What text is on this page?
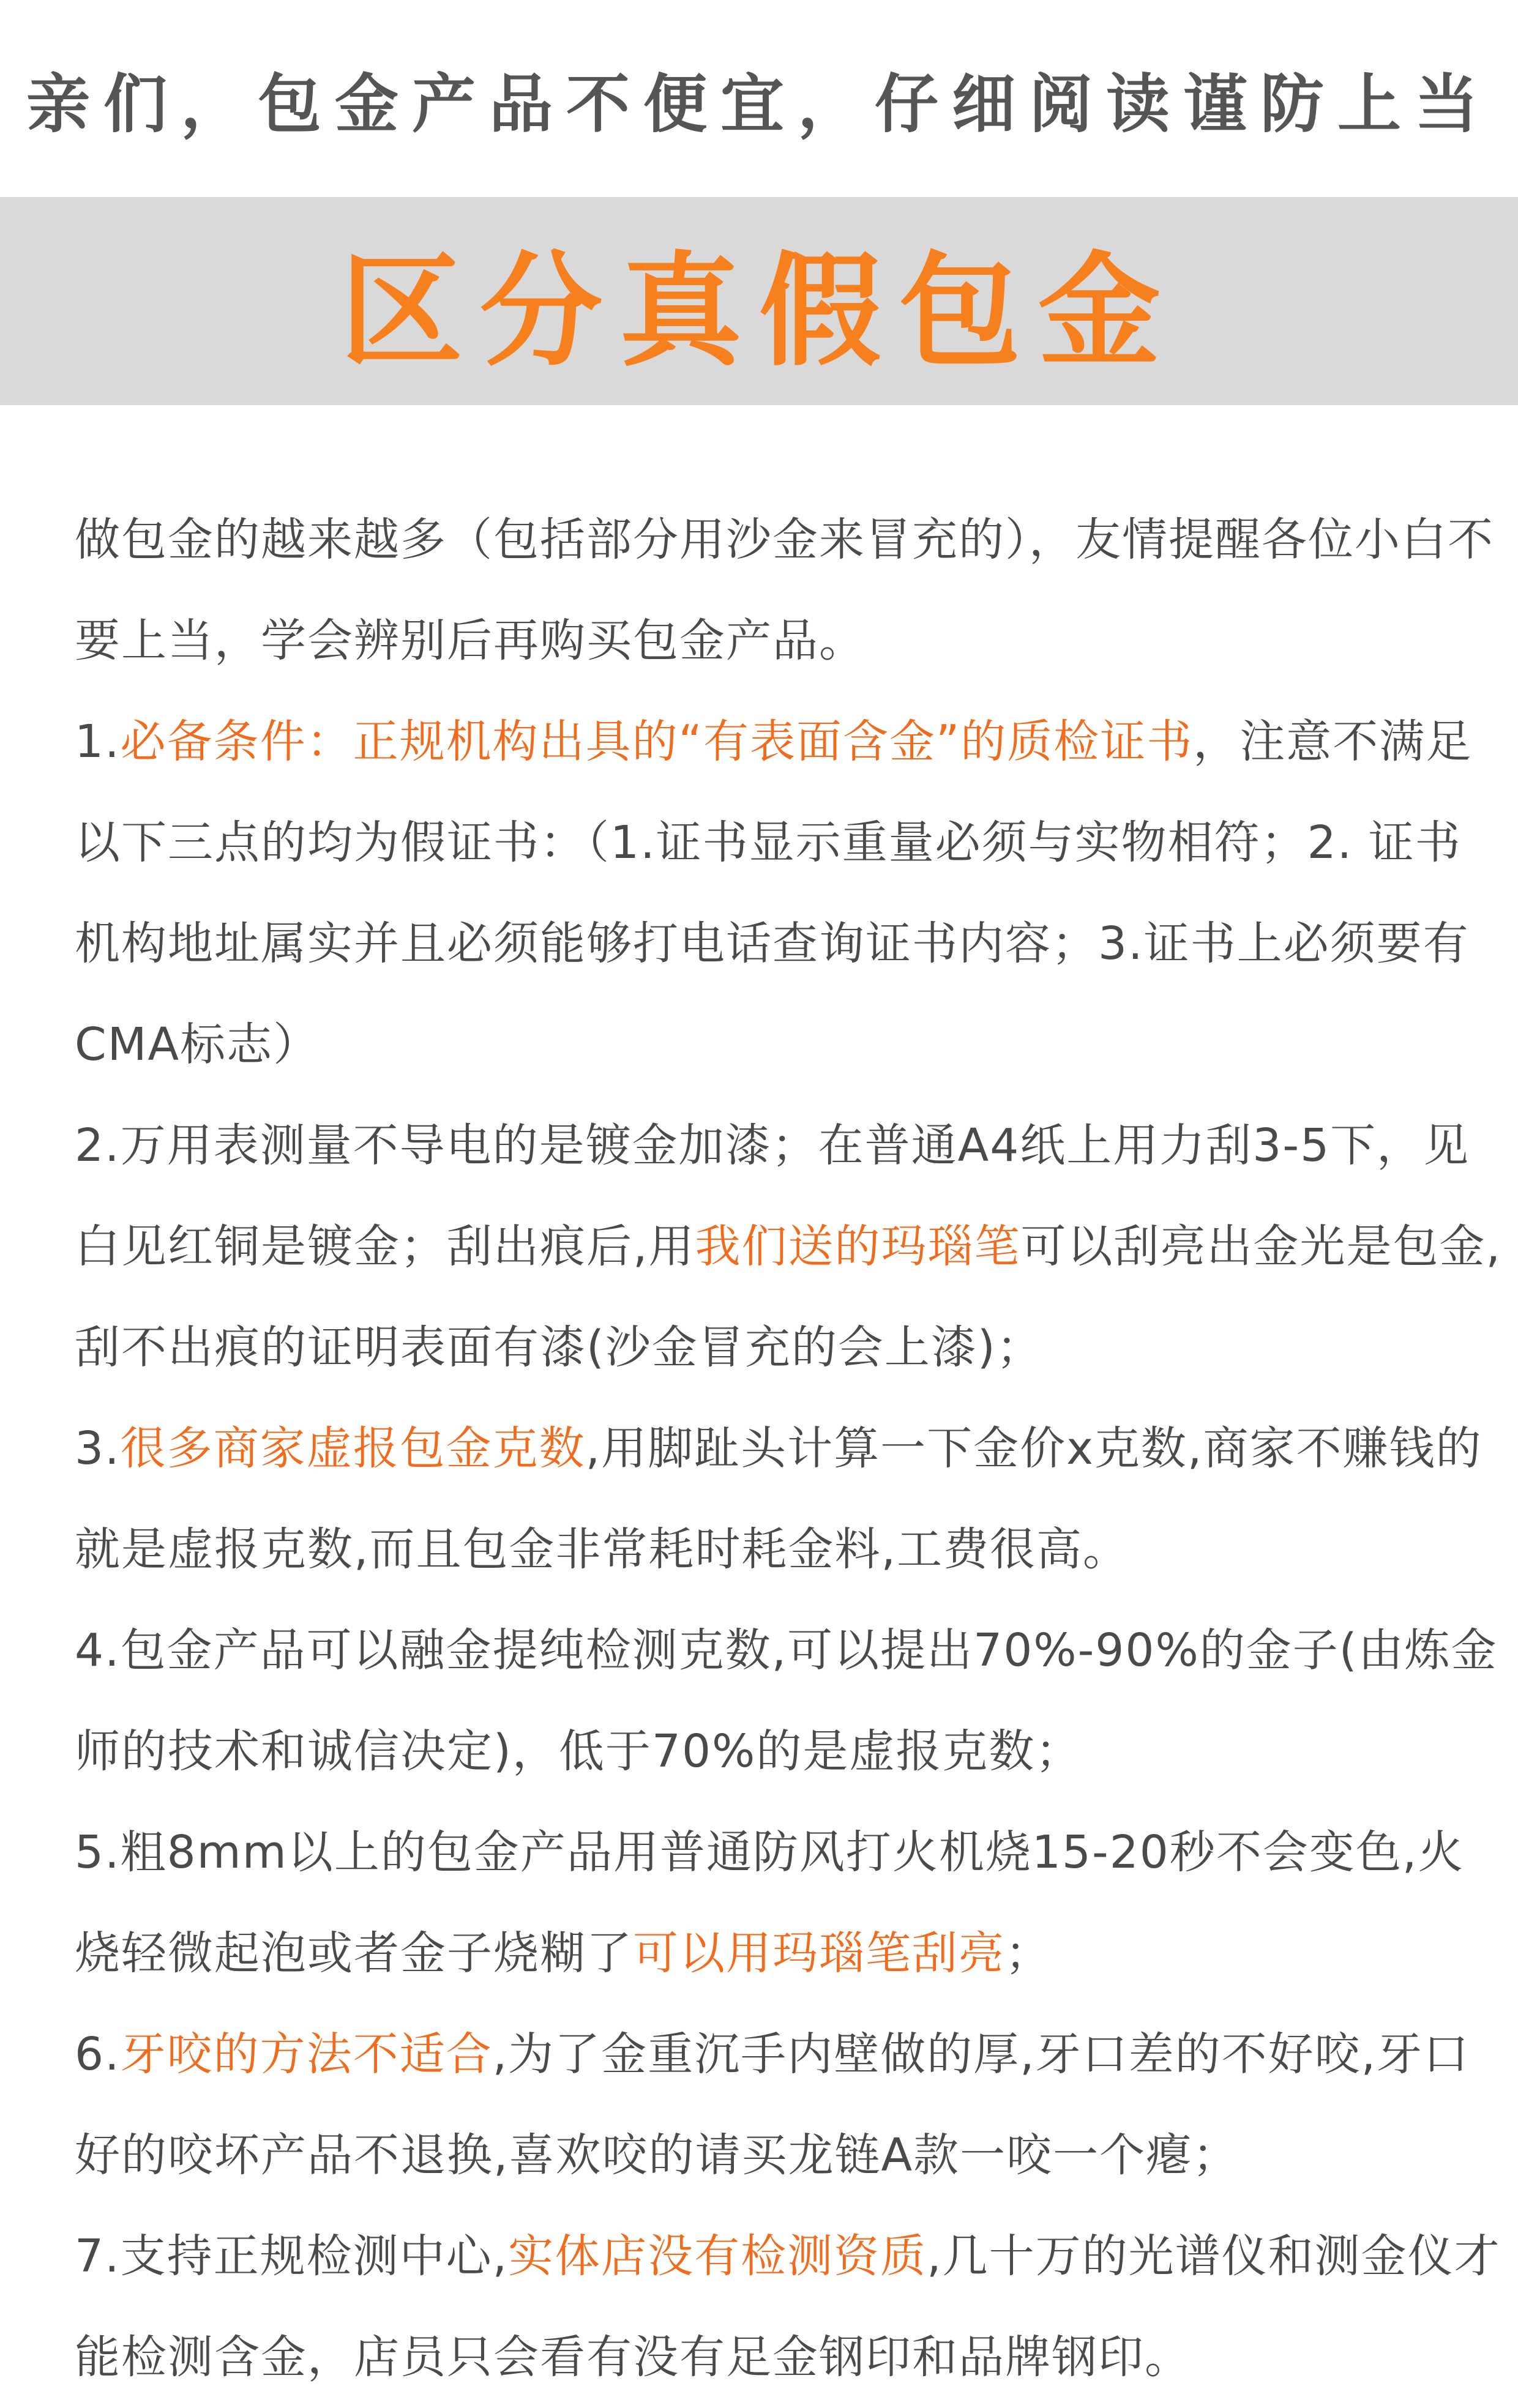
亲们，包金产品不便宜，仔细阅读谨防上当
区分真假包金

做包金的越来越多（包括部分用沙金来冒充的），友情提醒各位小白不要上当，学会辨别后再购买包金产品。

1.必备条件：正规机构出具的“有表面含金”的质检证书，注意不满足以下三点的均为假证书：（1.证书显示重量必须与实物相符；2. 证书机构地址属实并且必须能够打电话查询证书内容；3.证书上必须要有CMA标志）

2.万用表测量不导电的是镀金加漆；在普通A4纸上用力刮3-5下，见白见红铜是镀金；刮出痕后,用我们送的玛瑙笔可以刮亮出金光是包金,刮不出痕的证明表面有漆(沙金冒充的会上漆)；

3.很多商家虚报包金克数,用脚趾头计算一下金价x克数,商家不赚钱的就是虚报克数,而且包金非常耗时耗金料,工费很高。

4.包金产品可以融金提纯检测克数,可以提出70%-90%的金子(由炼金师的技术和诚信决定)，低于70%的是虚报克数；

5.粗8mm以上的包金产品用普通防风打火机烧15-20秒不会变色,火烧轻微起泡或者金子烧糊了可以用玛瑙笔刮亮；

6.牙咬的方法不适合,为了金重沉手内壁做的厚,牙口差的不好咬,牙口好的咬坏产品不退换,喜欢咬的请买龙链A款一咬一个瘪；

7.支持正规检测中心,实体店没有检测资质,几十万的光谱仪和测金仪才能检测含金，店员只会看有没有足金钢印和品牌钢印。
